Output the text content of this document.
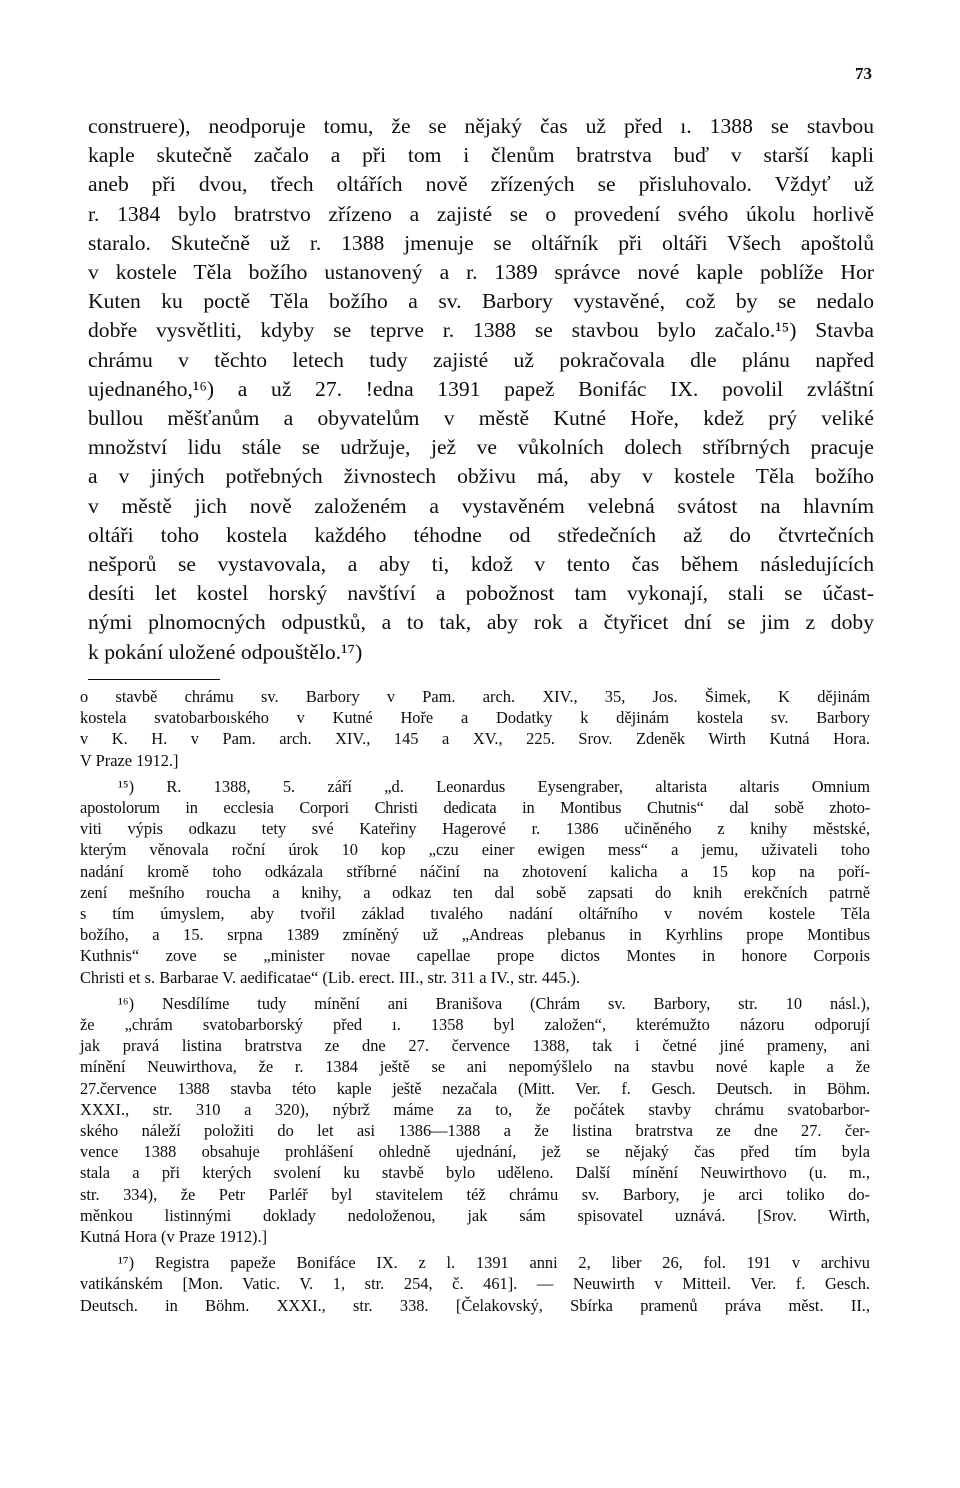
73
construere), neodporuje tomu, že se nějaký čas už před ı. 1388 se stavbou
kaple skutečně začalo a při tom i členům bratrstva buď v starší kapli
aneb při dvou, třech oltářích nově zřízených se přisluhovalo. Vždyť už
r. 1384 bylo bratrstvo zřízeno a zajisté se o provedení svého úkolu horlivě
staralo. Skutečně už r. 1388 jmenuje se oltářník při oltáři Všech apoštolů
v kostele Těla božího ustanovený a r. 1389 správce nové kaple poblíže Hor
Kuten ku poctě Těla božího a sv. Barbory vystavěné, což by se nedalo
dobře vysvětliti, kdyby se teprve r. 1388 se stavbou bylo začalo.¹⁵) Stavba
chrámu v těchto letech tudy zajisté už pokračovala dle plánu napřed
ujednaného,¹⁶) a už 27. !edna 1391 papež Bonifác IX. povolil zvláštní
bullou měšťanům a obyvatelům v městě Kutné Hoře, kdež prý veliké
množství lidu stále se udržuje, jež ve vůkolních dolech stříbrných pracuje
a v jiných potřebných živnostech obživu má, aby v kostele Těla božího
v městě jich nově založeném a vystavěném velebná svátost na hlavním
oltáři toho kostela každého téhodne od středečních až do čtvrtečních
nešporů se vystavovala, a aby ti, kdož v tento čas během následujících
desíti let kostel horský navštíví a pobožnost tam vykonají, stali se účast-
nými plnomocných odpustků, a to tak, aby rok a čtyřicet dní se jim z doby
k pokání uložené odpouštělo.¹⁷)
o stavbě chrámu sv. Barbory v Pam. arch. XIV., 35, Jos. Šimek, K dějinám
kostela svatobarboıského v Kutné Hoře a Dodatky k dějinám kostela sv. Barbory
v K. H. v Pam. arch. XIV., 145 a XV., 225. Srov. Zdeněk Wirth Kutná Hora.
V Praze 1912.]
¹⁵) R. 1388, 5. září „d. Leonardus Eysengraber, altarista altaris Omnium
apostolorum in ecclesia Corpori Christi dedicata in Montibus Chutnis“ dal sobě zhoto-
viti výpis odkazu tety své Kateřiny Hagerové r. 1386 učiněného z knihy městské,
kterým věnovala roční úrok 10 kop „czu einer ewigen mess“ a jemu, uživateli toho
nadání kromě toho odkázala stříbrné náčiní na zhotovení kalicha a 15 kop na poří-
zení mešního roucha a knihy, a odkaz ten dal sobě zapsati do knih erekčních patrně
s tím úmyslem, aby tvořil základ tıvalého nadání oltářního v novém kostele Těla
božího, a 15. srpna 1389 zmíněný už „Andreas plebanus in Kyrhlins prope Montibus
Kuthnis“ zove se „minister novae capellae prope dictos Montes in honore Corpoıis
Christi et s. Barbarae V. aedificatae“ (Lib. erect. III., str. 311 a IV., str. 445.).
¹⁶) Nesdílíme tudy mínění ani Branišova (Chrám sv. Barbory, str. 10 násl.),
že „chrám svatobarborský před ı. 1358 byl založen“, kterémužto názoru odporují
jak pravá listina bratrstva ze dne 27. července 1388, tak i četné jiné prameny, ani
mínění Neuwirthova, že r. 1384 ještě se ani nepomýšlelo na stavbu nové kaple a že
27.července 1388 stavba této kaple ještě nezačala (Mitt. Ver. f. Gesch. Deutsch. in Böhm.
XXXI., str. 310 a 320), nýbrž máme za to, že počátek stavby chrámu svatobarbor-
ského náleží položiti do let asi 1386—1388 a že listina bratrstva ze dne 27. čer-
vence 1388 obsahuje prohlášení ohledně ujednání, jež se nějaký čas před tím byla
stala a při kterých svolení ku stavbě bylo uděleno. Další mínění Neuwirthovo (u. m.,
str. 334), že Petr Parléř byl stavitelem též chrámu sv. Barbory, je arci toliko do-
měnkou listinnými doklady nedoloženou, jak sám spisovatel uznává. [Srov. Wirth,
Kutná Hora (v Praze 1912).]
¹⁷) Registra papeže Bonifáce IX. z l. 1391 anni 2, liber 26, fol. 191 v archivu
vatikánském [Mon. Vatic. V. 1, str. 254, č. 461]. — Neuwirth v Mitteil. Ver. f. Gesch.
Deutsch. in Böhm. XXXI., str. 338. [Čelakovský, Sbírka pramenů práva měst. II.,
